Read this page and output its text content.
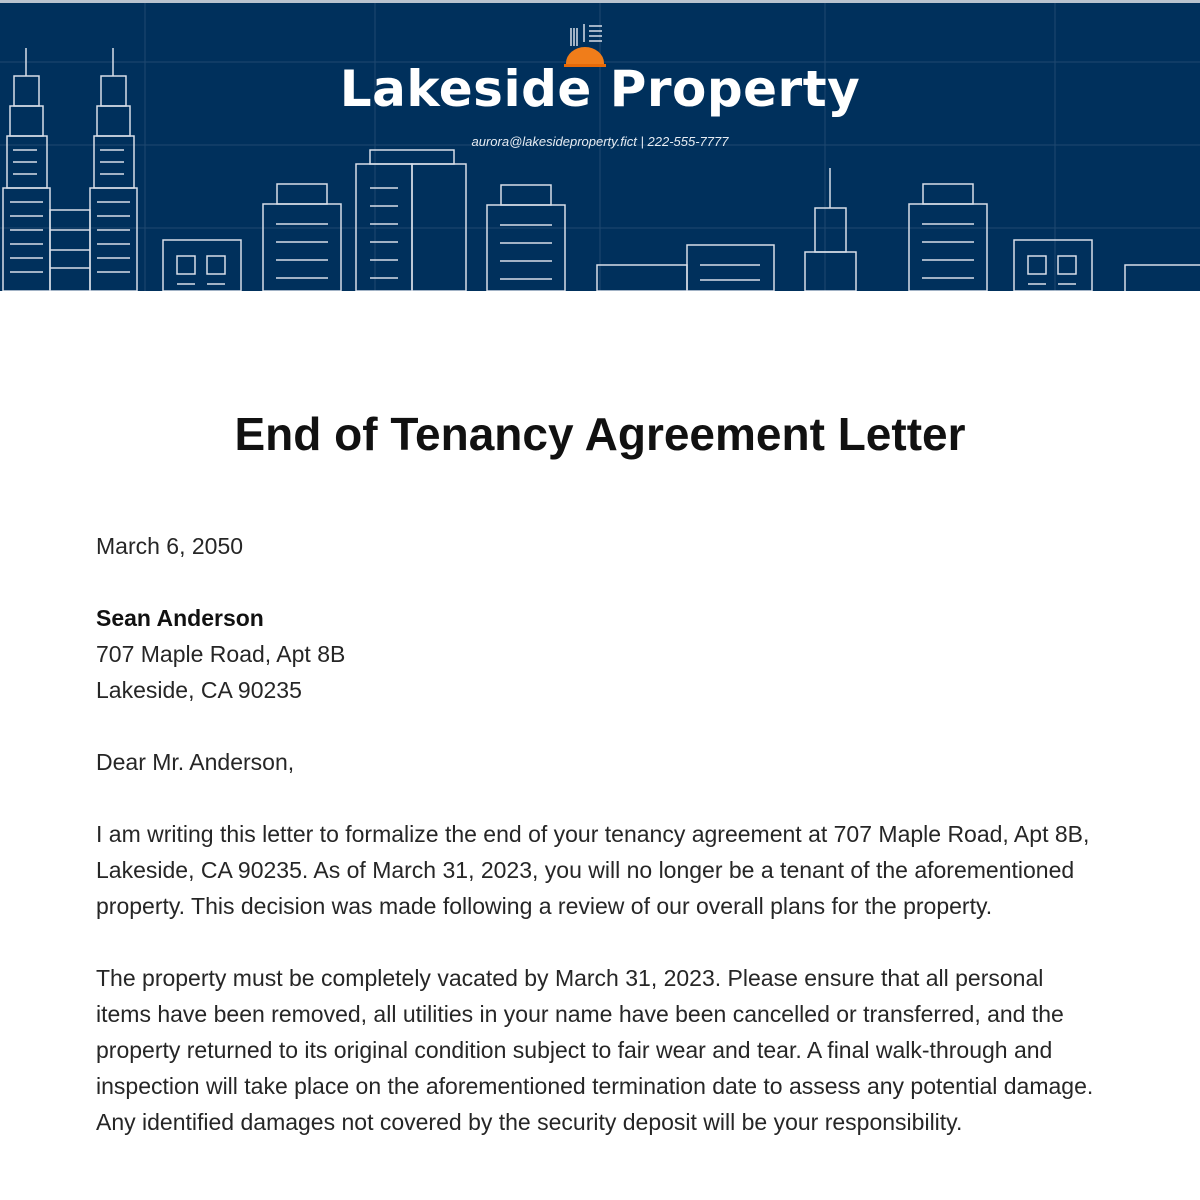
Lakeside Property
aurora@lakesideproperty.fict | 222-555-7777
End of Tenancy Agreement Letter

March 6, 2050

Sean Anderson
707 Maple Road, Apt 8B
Lakeside, CA 90235

Dear Mr. Anderson,

I am writing this letter to formalize the end of your tenancy agreement at 707 Maple Road, Apt 8B, Lakeside, CA 90235. As of March 31, 2023, you will no longer be a tenant of the aforementioned property. This decision was made following a review of our overall plans for the property.

The property must be completely vacated by March 31, 2023. Please ensure that all personal items have been removed, all utilities in your name have been cancelled or transferred, and the property returned to its original condition subject to fair wear and tear. A final walk-through and inspection will take place on the aforementioned termination date to assess any potential damage. Any identified damages not covered by the security deposit will be your responsibility.
